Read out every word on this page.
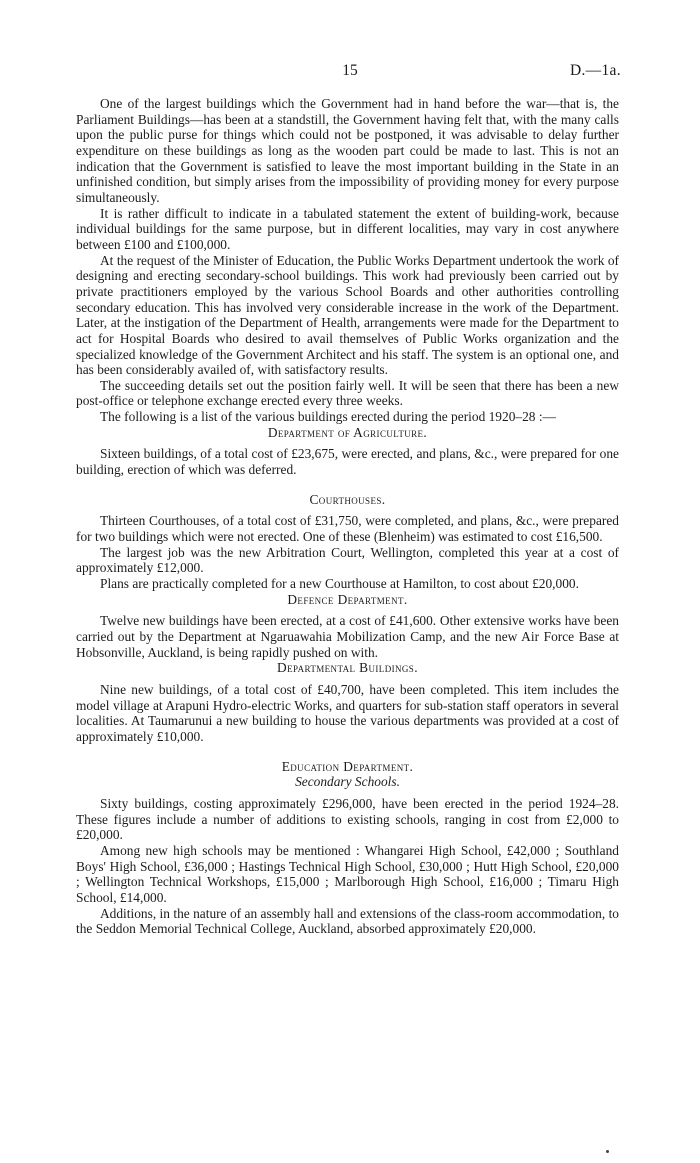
15	D.—1a.

One of the largest buildings which the Government had in hand before the war—that is, the Parliament Buildings—has been at a standstill, the Government having felt that, with the many calls upon the public purse for things which could not be postponed, it was advisable to delay further expenditure on these buildings as long as the wooden part could be made to last. This is not an indication that the Government is satisfied to leave the most important building in the State in an unfinished condition, but simply arises from the impossibility of providing money for every purpose simultaneously.

It is rather difficult to indicate in a tabulated statement the extent of building-work, because individual buildings for the same purpose, but in different localities, may vary in cost anywhere between £100 and £100,000.

At the request of the Minister of Education, the Public Works Department undertook the work of designing and erecting secondary-school buildings. This work had previously been carried out by private practitioners employed by the various School Boards and other authorities controlling secondary education. This has involved very considerable increase in the work of the Department. Later, at the instigation of the Department of Health, arrangements were made for the Department to act for Hospital Boards who desired to avail themselves of Public Works organization and the specialized knowledge of the Government Architect and his staff. The system is an optional one, and has been considerably availed of, with satisfactory results.

The succeeding details set out the position fairly well. It will be seen that there has been a new post-office or telephone exchange erected every three weeks.

The following is a list of the various buildings erected during the period 1920–28 :—

Department of Agriculture.

Sixteen buildings, of a total cost of £23,675, were erected, and plans, &c., were prepared for one building, erection of which was deferred.

Courthouses.

Thirteen Courthouses, of a total cost of £31,750, were completed, and plans, &c., were prepared for two buildings which were not erected. One of these (Blenheim) was estimated to cost £16,500.

The largest job was the new Arbitration Court, Wellington, completed this year at a cost of approximately £12,000.

Plans are practically completed for a new Courthouse at Hamilton, to cost about £20,000.

Defence Department.

Twelve new buildings have been erected, at a cost of £41,600. Other extensive works have been carried out by the Department at Ngaruawahia Mobilization Camp, and the new Air Force Base at Hobsonville, Auckland, is being rapidly pushed on with.

Departmental Buildings.

Nine new buildings, of a total cost of £40,700, have been completed. This item includes the model village at Arapuni Hydro-electric Works, and quarters for sub-station staff operators in several localities. At Taumarunui a new building to house the various departments was provided at a cost of approximately £10,000.

Education Department.

Secondary Schools.

Sixty buildings, costing approximately £296,000, have been erected in the period 1924–28. These figures include a number of additions to existing schools, ranging in cost from £2,000 to £20,000.

Among new high schools may be mentioned : Whangarei High School, £42,000 ; Southland Boys' High School, £36,000 ; Hastings Technical High School, £30,000 ; Hutt High School, £20,000 ; Wellington Technical Workshops, £15,000 ; Marlborough High School, £16,000 ; Timaru High School, £14,000.

Additions, in the nature of an assembly hall and extensions of the class-room accommodation, to the Seddon Memorial Technical College, Auckland, absorbed approximately £20,000.
